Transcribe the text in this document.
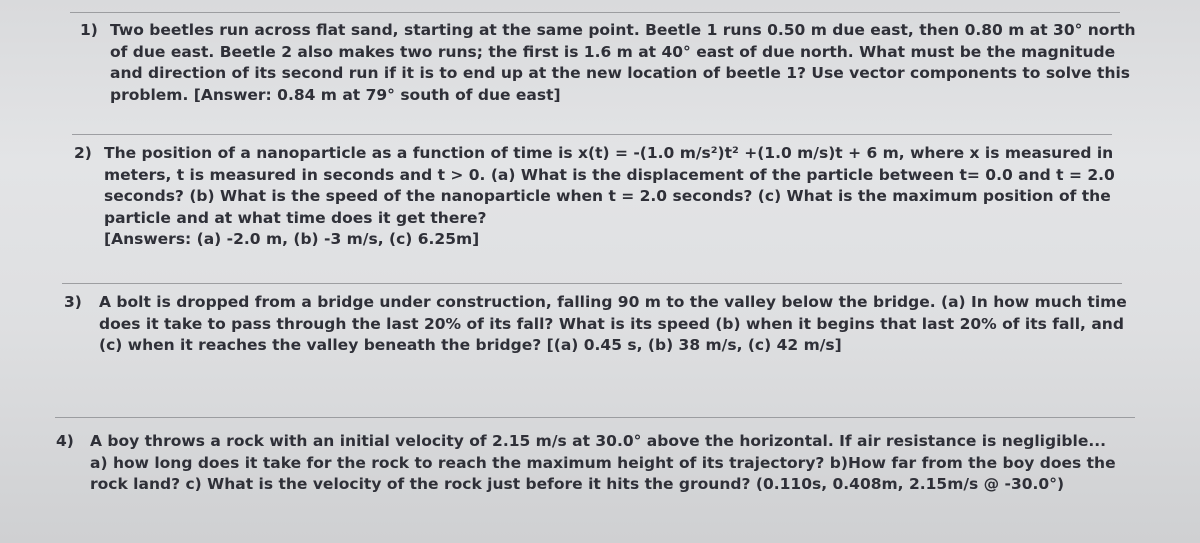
1) Two beetles run across flat sand, starting at the same point. Beetle 1 runs 0.50 m due east, then 0.80 m at 30° north

of due east. Beetle 2 also makes two runs; the first is 1.6 m at 40° east of due north. What must be the magnitude

and direction of its second run if it is to end up at the new location of beetle 1? Use vector components to solve this

problem. [Answer: 0.84 m at 79° south of due east]

2) The position of a nanoparticle as a function of time is x(t) = -(1.0 m/s²)t² +(1.0 m/s)t + 6 m, where x is measured in

meters, t is measured in seconds and t > 0. (a) What is the displacement of the particle between t= 0.0 and t = 2.0

seconds? (b) What is the speed of the nanoparticle when t = 2.0 seconds? (c) What is the maximum position of the

particle and at what time does it get there?

[Answers: (a) -2.0 m, (b) -3 m/s, (c) 6.25m]

3) A bolt is dropped from a bridge under construction, falling 90 m to the valley below the bridge. (a) In how much time

does it take to pass through the last 20% of its fall? What is its speed (b) when it begins that last 20% of its fall, and

(c) when it reaches the valley beneath the bridge? [(a) 0.45 s, (b) 38 m/s, (c) 42 m/s]

4) A boy throws a rock with an initial velocity of 2.15 m/s at 30.0° above the horizontal. If air resistance is negligible...

a) how long does it take for the rock to reach the maximum height of its trajectory? b)How far from the boy does the

rock land? c) What is the velocity of the rock just before it hits the ground? (0.110s, 0.408m, 2.15m/s @ -30.0°)
